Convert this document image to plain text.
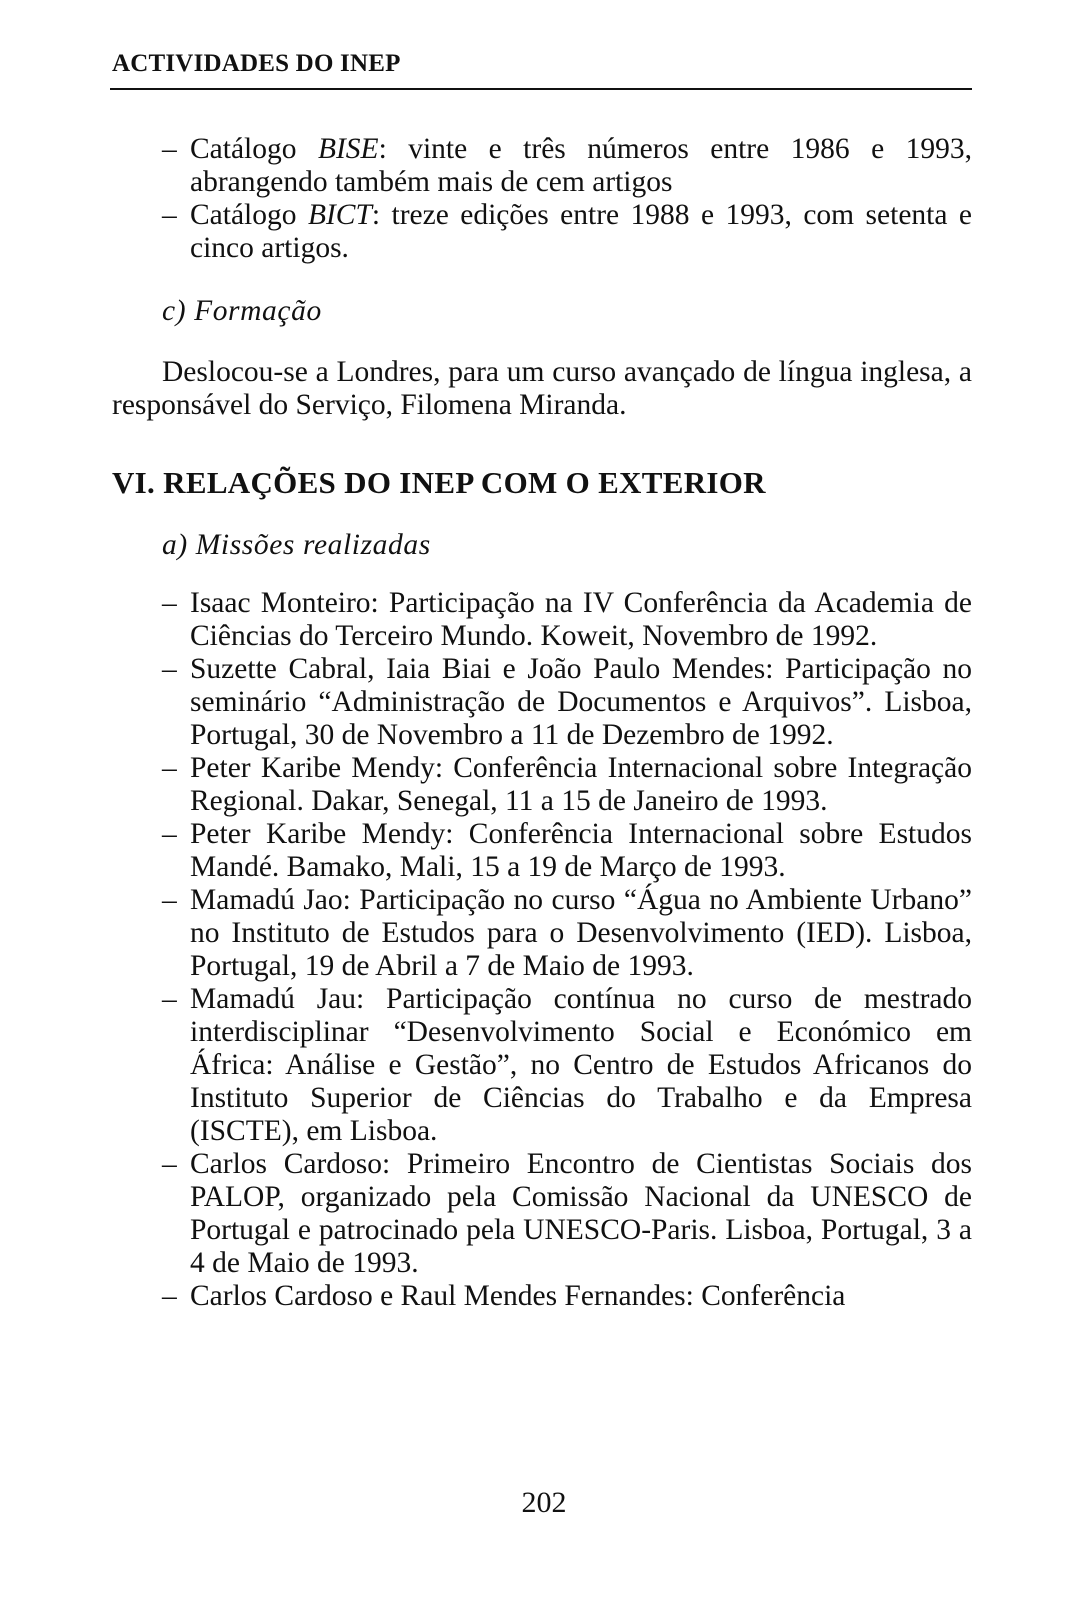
ACTIVIDADES DO INEP
– Catálogo BISE: vinte e três números entre 1986 e 1993, abrangendo também mais de cem artigos
– Catálogo BICT: treze edições entre 1988 e 1993, com setenta e cinco artigos.
c) Formação
Deslocou-se a Londres, para um curso avançado de língua inglesa, a responsável do Serviço, Filomena Miranda.
VI. RELAÇÕES DO INEP COM O EXTERIOR
a) Missões realizadas
– Isaac Monteiro: Participação na IV Conferência da Academia de Ciências do Terceiro Mundo. Koweit, Novembro de 1992.
– Suzette Cabral, Iaia Biai e João Paulo Mendes: Participação no seminário “Administração de Documentos e Arquivos”. Lisboa, Portugal, 30 de Novembro a 11 de Dezembro de 1992.
– Peter Karibe Mendy: Conferência Internacional sobre Integração Regional. Dakar, Senegal, 11 a 15 de Janeiro de 1993.
– Peter Karibe Mendy: Conferência Internacional sobre Estudos Mandé. Bamako, Mali, 15 a 19 de Março de 1993.
– Mamadú Jao: Participação no curso “Água no Ambiente Urbano” no Instituto de Estudos para o Desenvolvimento (IED). Lisboa, Portugal, 19 de Abril a 7 de Maio de 1993.
– Mamadú Jau: Participação contínua no curso de mestrado interdisciplinar “Desenvolvimento Social e Económico em África: Análise e Gestão”, no Centro de Estudos Africanos do Instituto Superior de Ciências do Trabalho e da Empresa (ISCTE), em Lisboa.
– Carlos Cardoso: Primeiro Encontro de Cientistas Sociais dos PALOP, organizado pela Comissão Nacional da UNESCO de Portugal e patrocinado pela UNESCO-Paris. Lisboa, Portugal, 3 a 4 de Maio de 1993.
– Carlos Cardoso e Raul Mendes Fernandes: Conferência
202
